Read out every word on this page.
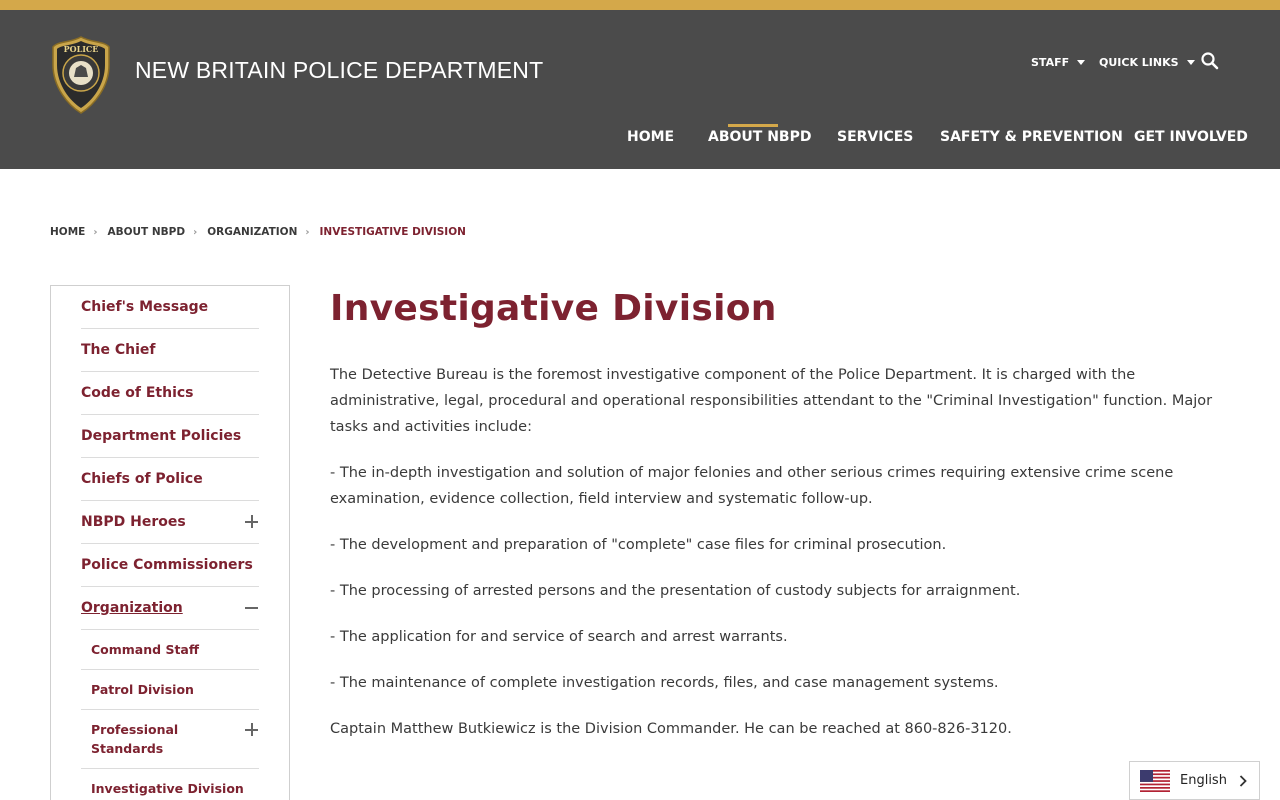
POLICE
NEW BRITAIN POLICE DEPARTMENT	STAFF	QUICK LINKS
HOME ABOUT NBPD SERVICES SAFETY & PREVENTION GET INVOLVED
HOME › ABOUT NBPD › ORGANIZATION › INVESTIGATIVE DIVISION
Chief's Message
The Chief
Code of Ethics
Department Policies
Chiefs of Police
NBPD Heroes
Police Commissioners
Organization
Command Staff
Patrol Division
Professional Standards
Investigative Division
Investigative Division

The Detective Bureau is the foremost investigative component of the Police Department. It is charged with the administrative, legal, procedural and operational responsibilities attendant to the "Criminal Investigation" function. Major tasks and activities include:

- The in-depth investigation and solution of major felonies and other serious crimes requiring extensive crime scene examination, evidence collection, field interview and systematic follow-up.

- The development and preparation of "complete" case files for criminal prosecution.

- The processing of arrested persons and the presentation of custody subjects for arraignment.

- The application for and service of search and arrest warrants.

- The maintenance of complete investigation records, files, and case management systems.

Captain Matthew Butkiewicz is the Division Commander. He can be reached at 860-826-3120.

English
